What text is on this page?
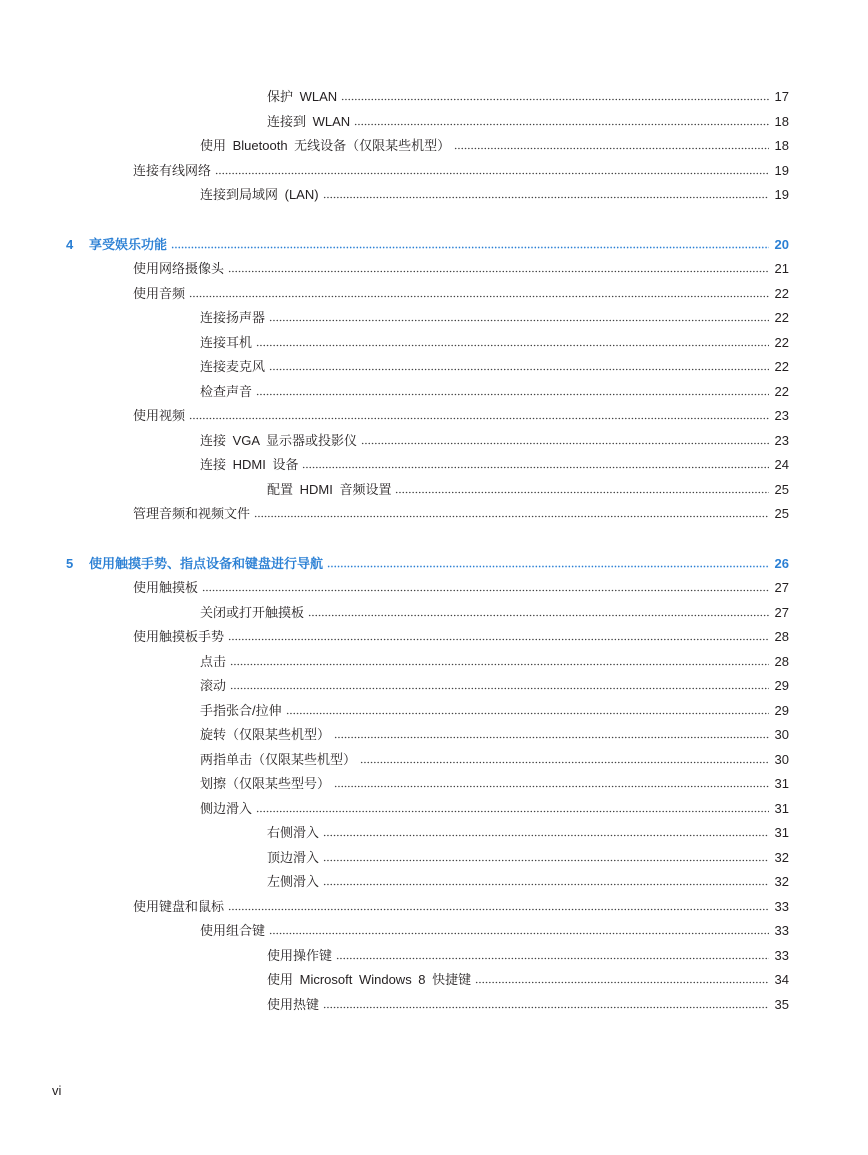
保护 WLAN	17
连接到 WLAN	18
使用 Bluetooth 无线设备（仅限某些机型）	18
连接有线网络	19
连接到局域网 (LAN)	19
4 享受娱乐功能	20
使用网络摄像头	21
使用音频	22
连接扬声器	22
连接耳机	22
连接麦克风	22
检查声音	22
使用视频	23
连接 VGA 显示器或投影仪	23
连接 HDMI 设备	24
配置 HDMI 音频设置	25
管理音频和视频文件	25
5 使用触摸手势、指点设备和键盘进行导航	26
使用触摸板	27
关闭或打开触摸板	27
使用触摸板手势	28
点击	28
滚动	29
手指张合/拉伸	29
旋转（仅限某些机型）	30
两指单击（仅限某些机型）	30
划擦（仅限某些型号）	31
侧边滑入	31
右侧滑入	31
顶边滑入	32
左侧滑入	32
使用键盘和鼠标	33
使用组合键	33
使用操作键	33
使用 Microsoft Windows 8 快捷键	34
使用热键	35
vi
